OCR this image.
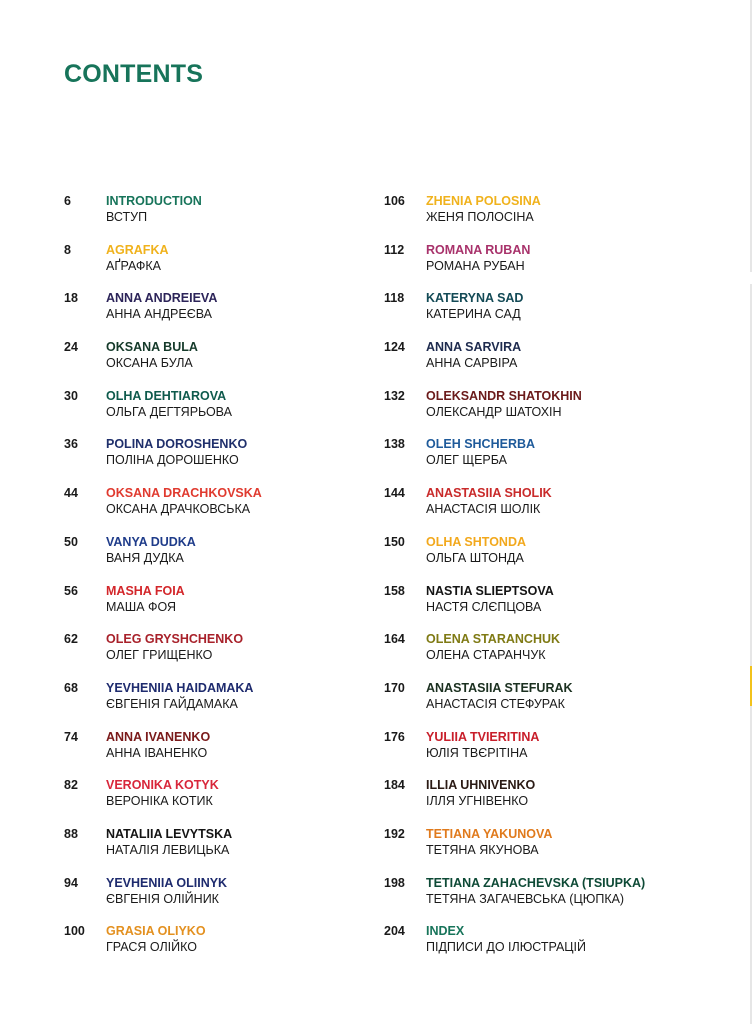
CONTENTS
6	INTRODUCTION
ВСТУП
8	AGRAFKA
АҐРАФКА
18 ANNA ANDREIEVA
АННА АНДРЕЄВА
24 OKSANA BULA
ОКСАНА БУЛА
30 OLHA DEHTIAROVA
ОЛЬГА ДЕГТЯРЬОВА
36 POLINA DOROSHENKO
ПОЛІНА ДОРОШЕНКО
44 OKSANA DRACHKOVSKA
ОКСАНА ДРАЧКОВСЬКА
50 VANYA DUDKA
ВАНЯ ДУДКА
56 MASHA FOIA
МАША ФОЯ
62 OLEG GRYSHCHENKO
ОЛЕГ ГРИЩЕНКО
68 YEVHENIIA HAIDAMAKA
ЄВГЕНІЯ ГАЙДАМАКА
74 ANNA IVANENKO
АННА ІВАНЕНКО
82 VERONIKA KOTYK
ВЕРОНІКА КОТИК
88 NATALIIA LEVYTSKA
НАТАЛІЯ ЛЕВИЦЬКА
94 YEVHENIIA OLIINYK
ЄВГЕНІЯ ОЛІЙНИК
100 GRASIA OLIYKO
ГРАСЯ ОЛІЙКО
106 ZHENIA POLOSINA
ЖЕНЯ ПОЛОСІНА
112 ROMANA RUBAN
РОМАНА РУБАН
118 KATERYNA SAD
КАТЕРИНА САД
124 ANNA SARVIRA
АННА САРВІРА
132 OLEKSANDR SHATOKHIN
ОЛЕКСАНДР ШАТОХІН
138 OLEH SHCHERBA
ОЛЕГ ЩЕРБА
144 ANASTASIIA SHOLIK
АНАСТАСІЯ ШОЛІК
150 OLHA SHTONDA
ОЛЬГА ШТОНДА
158 NASTIA SLIEPTSOVA
НАСТЯ СЛЄПЦОВА
164 OLENA STARANCHUK
ОЛЕНА СТАРАНЧУК
170 ANASTASIIA STEFURAK
АНАСТАСІЯ СТЕФУРАК
176 YULIIA TVIERITINA
ЮЛІЯ ТВЄРІТІНА
184 ILLIA UHNIVENKO
ІЛЛЯ УГНІВЕНКО
192 TETIANA YAKUNOVA
ТЕТЯНА ЯКУНОВА
198 TETIANA ZAHACHEVSKA (TSIUPKA)
ТЕТЯНА ЗАГАЧЕВСЬКА (ЦЮПКА)
204 INDEX
ПІДПИСИ ДО ІЛЮСТРАЦІЙ
